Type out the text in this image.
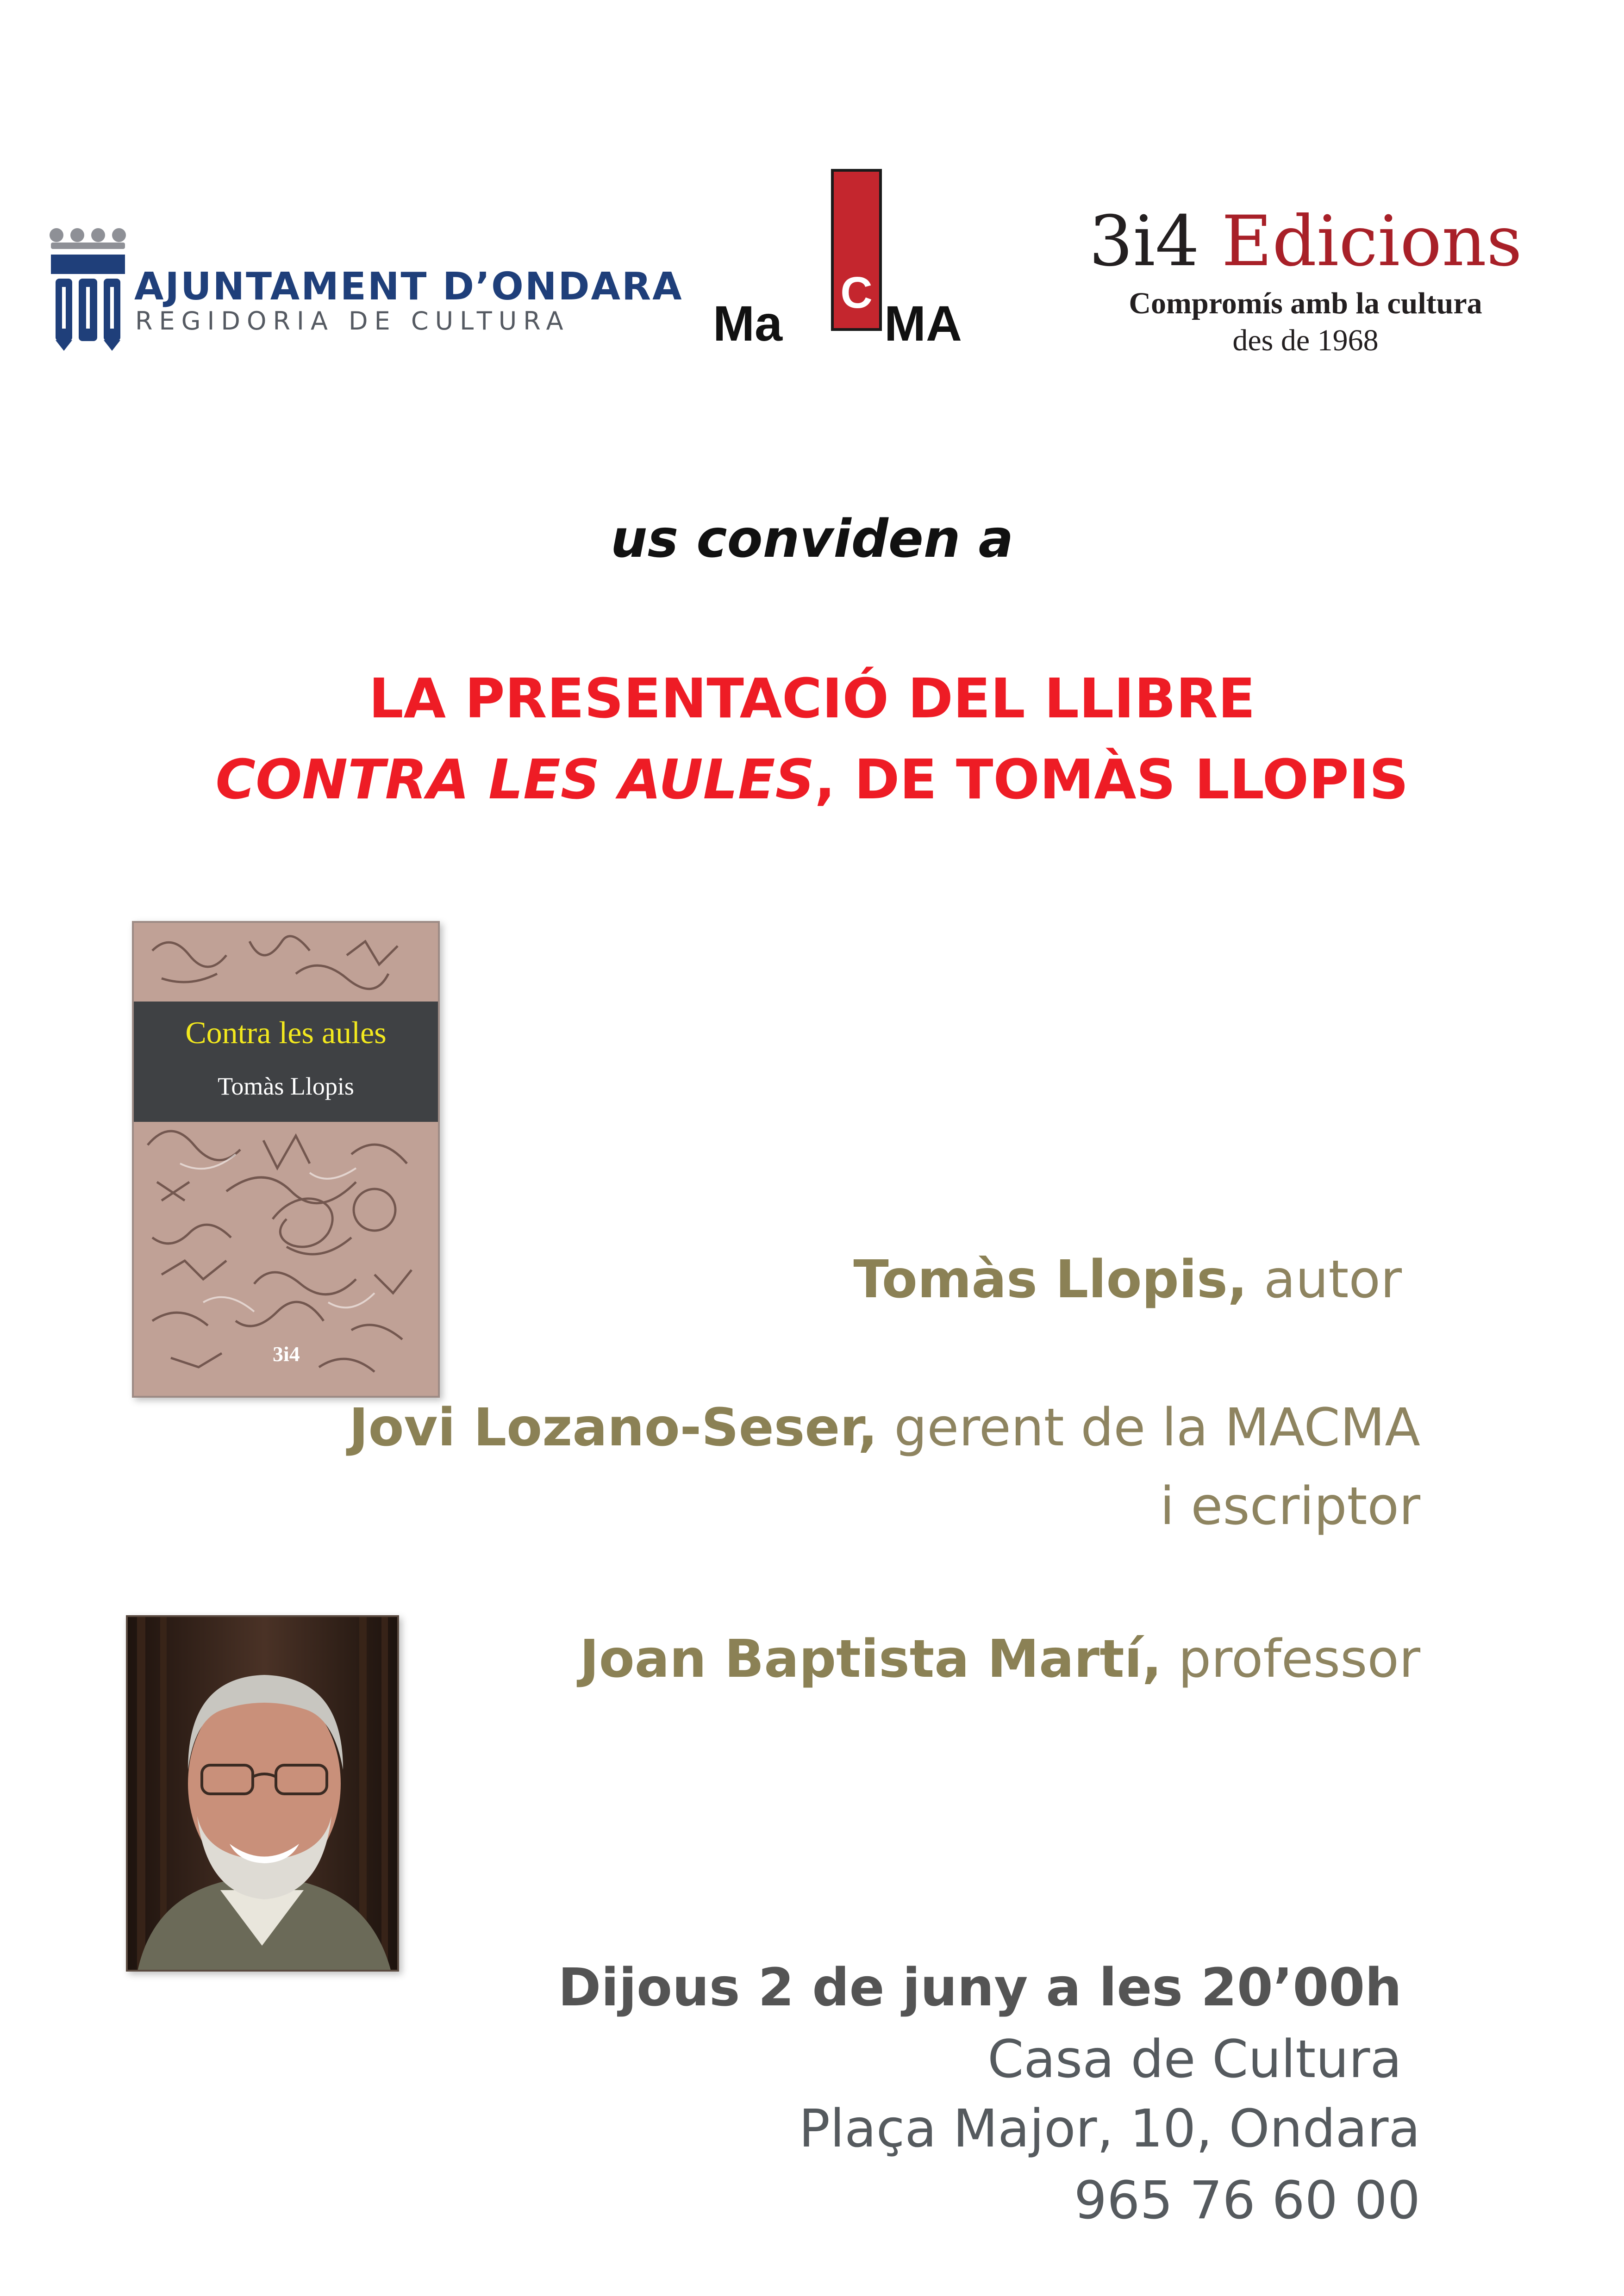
AJUNTAMENT D’ONDARA
REGIDORIA DE CULTURA
C
Ma MA
3i4 Edicions
Compromís amb la cultura
des de 1968
us conviden a
LA PRESENTACIÓ DEL LLIBRE
CONTRA LES AULES, DE TOMÀS LLOPIS
Contra les aules
Tomàs Llopis
3i4
Tomàs Llopis, autor
Jovi Lozano-Seser, gerent de la MACMA
i escriptor
Joan Baptista Martí, professor
Dijous 2 de juny a les 20’00h
Casa de Cultura
Plaça Major, 10, Ondara
965 76 60 00
